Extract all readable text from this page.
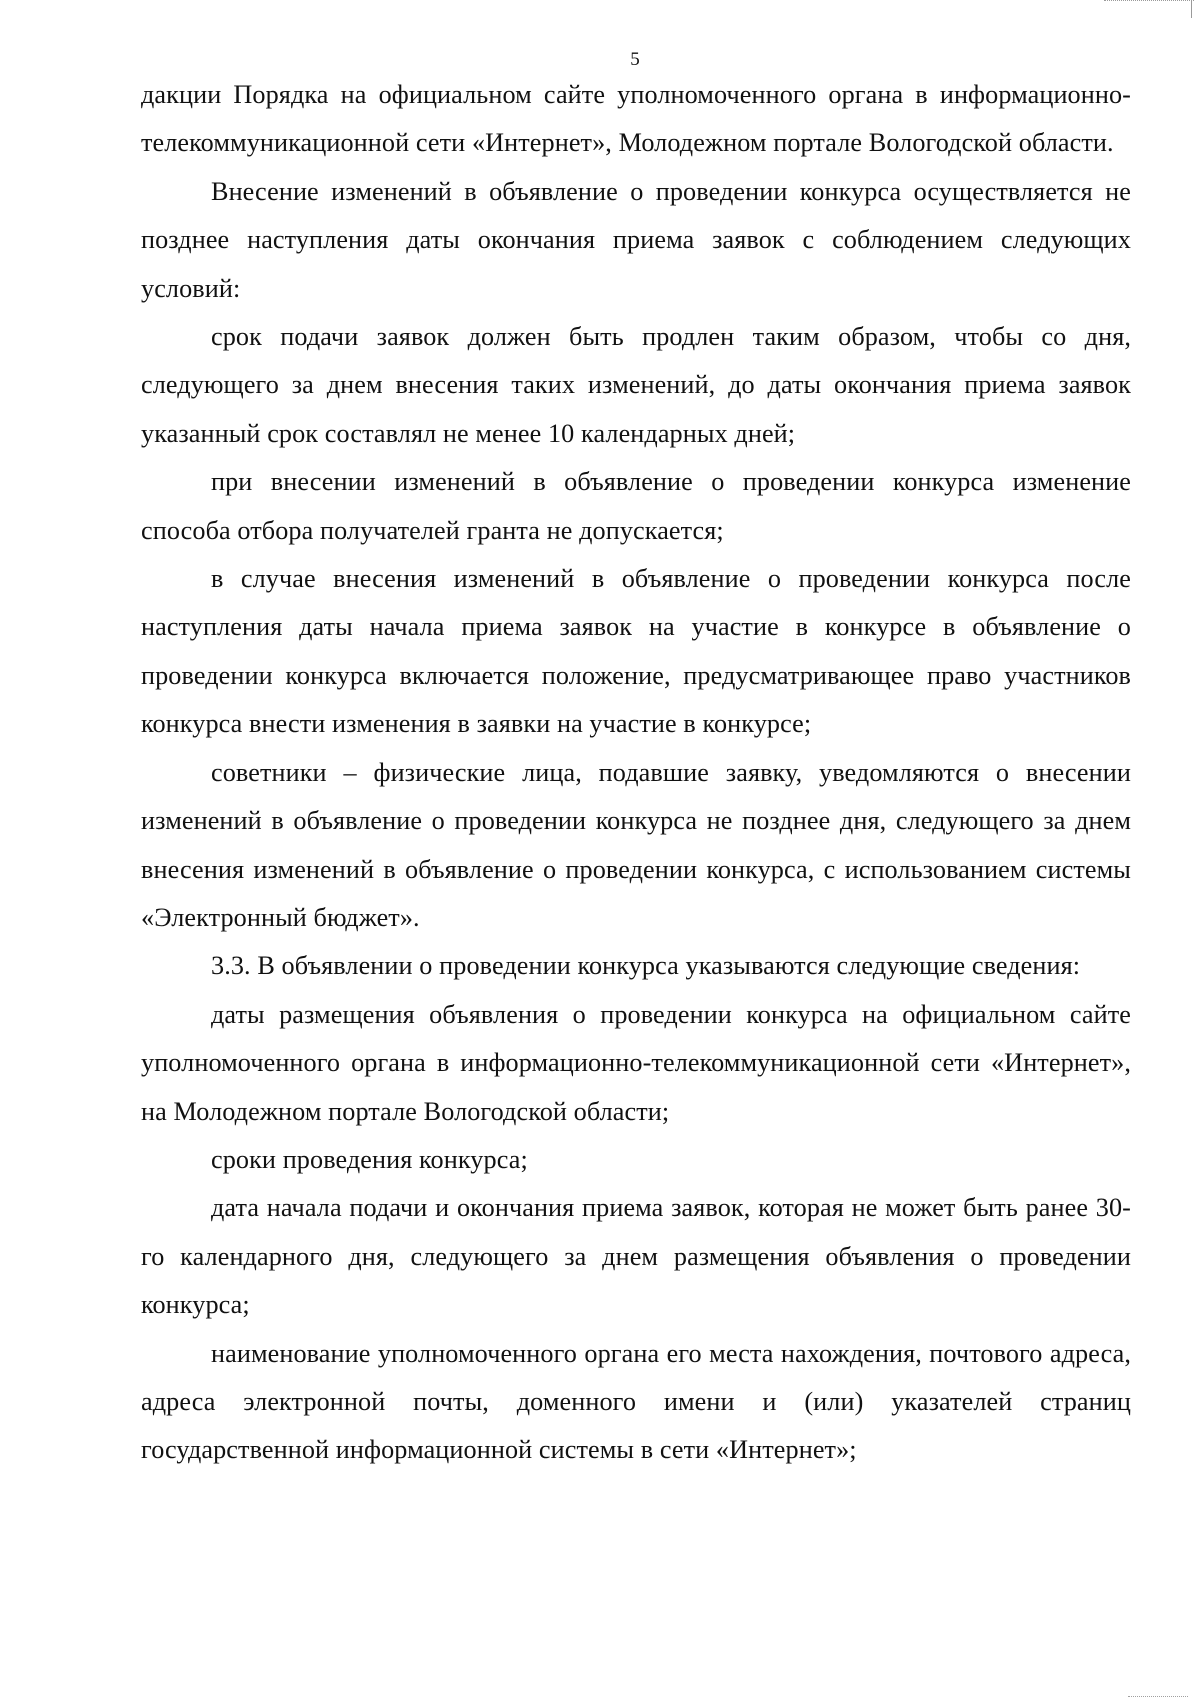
5

дакции Порядка на официальном сайте уполномоченного органа в информационно-телекоммуникационной сети «Интернет», Молодежном портале Вологодской области.

Внесение изменений в объявление о проведении конкурса осуществляется не позднее наступления даты окончания приема заявок с соблюдением следующих условий:

срок подачи заявок должен быть продлен таким образом, чтобы со дня, следующего за днем внесения таких изменений, до даты окончания приема заявок указанный срок составлял не менее 10 календарных дней;

при внесении изменений в объявление о проведении конкурса изменение способа отбора получателей гранта не допускается;

в случае внесения изменений в объявление о проведении конкурса после наступления даты начала приема заявок на участие в конкурсе в объявление о проведении конкурса включается положение, предусматривающее право участников конкурса внести изменения в заявки на участие в конкурсе;

советники – физические лица, подавшие заявку, уведомляются о внесении изменений в объявление о проведении конкурса не позднее дня, следующего за днем внесения изменений в объявление о проведении конкурса, с использованием системы «Электронный бюджет».

3.3. В объявлении о проведении конкурса указываются следующие сведения:

даты размещения объявления о проведении конкурса на официальном сайте уполномоченного органа в информационно-телекоммуникационной сети «Интернет», на Молодежном портале Вологодской области;

сроки проведения конкурса;

дата начала подачи и окончания приема заявок, которая не может быть ранее 30-го календарного дня, следующего за днем размещения объявления о проведении конкурса;

наименование уполномоченного органа его места нахождения, почтового адреса, адреса электронной почты, доменного имени и (или) указателей страниц государственной информационной системы в сети «Интернет»;
